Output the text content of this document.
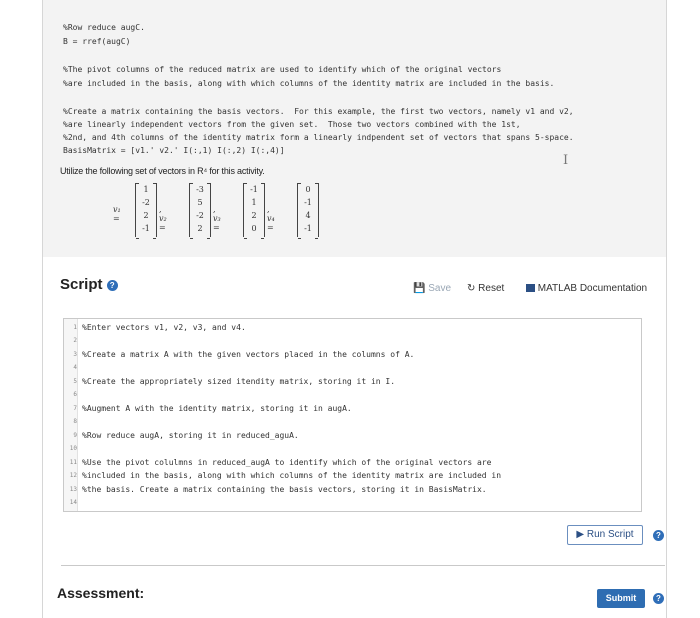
%Row reduce augC.
B = rref(augC)
%The pivot columns of the reduced matrix are used to identify which of the original vectors
%are included in the basis, along with which columns of the identity matrix are included in the basis.
%Create a matrix containing the basis vectors.  For this example, the first two vectors, namely v1 and v2,
%are linearly independent vectors from the given set.  Those two vectors combined with the 1st,
%2nd, and 4th columns of the identity matrix form a linearly indpendent set of vectors that spans 5-space.
BasisMatrix = [v1.' v2.' I(:,1) I(:,2) I(:,4)]
I
Utilize the following set of vectors in R⁴ for this activity.
v₁ =
1
-2
2
-1
, v₂ =
-3
5
-2
2
, v₃ =
-1
1
2
0
, v₄ =
0
-1
4
-1
Script ?	💾 Save ↻ Reset	MATLAB Documentation
1 %Enter vectors v1, v2, v3, and v4.
2
3 %Create a matrix A with the given vectors placed in the columns of A.
4
5 %Create the appropriately sized itendity matrix, storing it in I.
6
7 %Augment A with the identity matrix, storing it in augA.
8
9 %Row reduce augA, storing it in reduced_aguA.
10
11 %Use the pivot colulmns in reduced_augA to identify which of the original vectors are
12 %included in the basis, along with which columns of the identity matrix are included in
13 %the basis. Create a matrix containing the basis vectors, storing it in BasisMatrix.
14
▶ Run Script	?
Assessment:	Submit	?
